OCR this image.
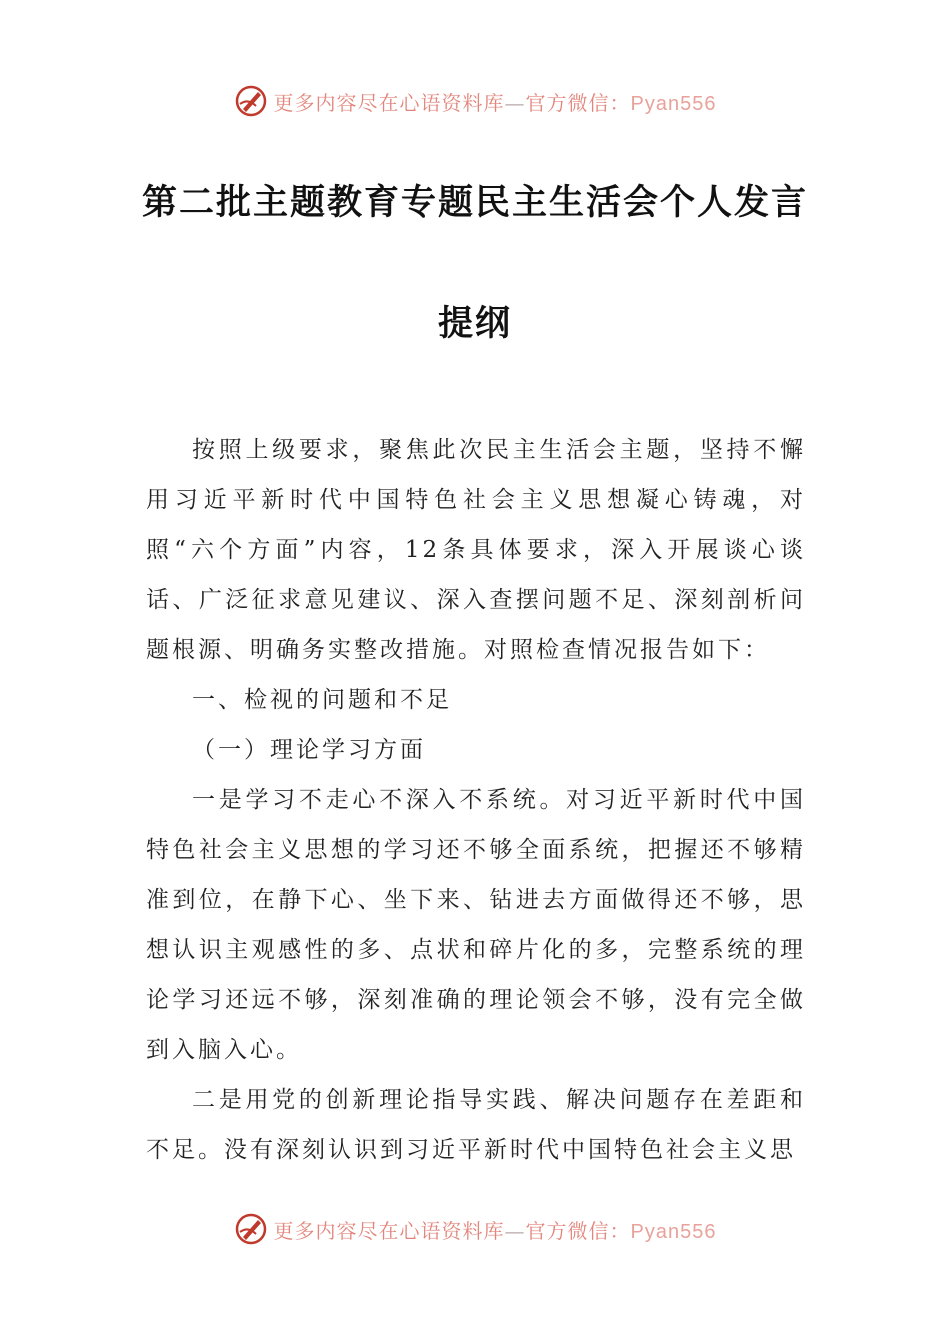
更多内容尽在心语资料库—官方微信：Pyan556
第二批主题教育专题民主生活会个人发言
提纲

按照上级要求，聚焦此次民主生活会主题，坚持不懈用习近平新时代中国特色社会主义思想凝心铸魂，对照“六个方面”内容，12条具体要求，深入开展谈心谈话、广泛征求意见建议、深入查摆问题不足、深刻剖析问题根源、明确务实整改措施。对照检查情况报告如下：

一、检视的问题和不足

（一）理论学习方面

一是学习不走心不深入不系统。对习近平新时代中国特色社会主义思想的学习还不够全面系统，把握还不够精准到位，在静下心、坐下来、钻进去方面做得还不够，思想认识主观感性的多、点状和碎片化的多，完整系统的理论学习还远不够，深刻准确的理论领会不够，没有完全做到入脑入心。

二是用党的创新理论指导实践、解决问题存在差距和不足。没有深刻认识到习近平新时代中国特色社会主义思

更多内容尽在心语资料库—官方微信：Pyan556
